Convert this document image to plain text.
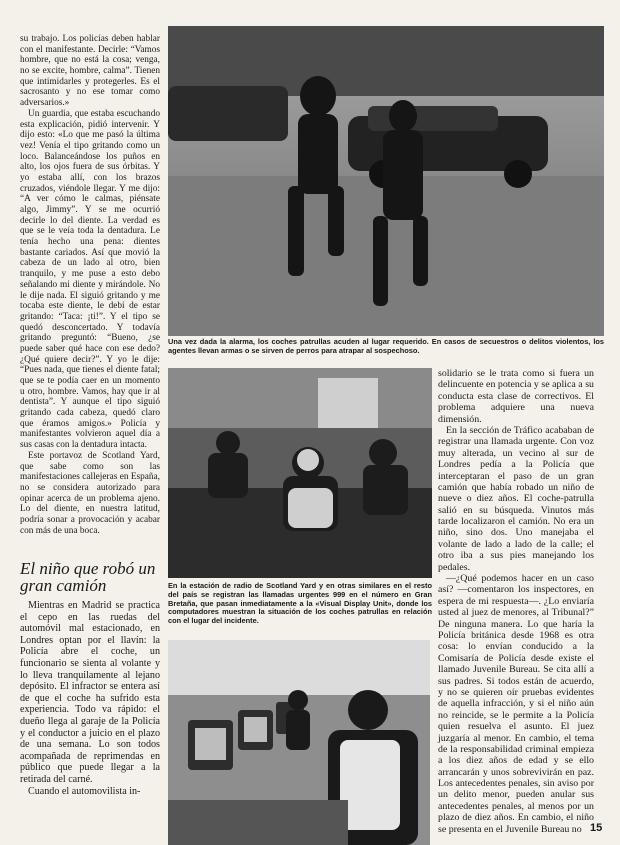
su trabajo. Los policías deben hablar con el manifestante. Decirle: “Vamos hombre, que no está la cosa; venga, no se excite, hombre, calma”. Tienen que intimidarles y protegerles. Es el sacrosanto y no ese tomar como adversarios.»

Un guardia, que estaba escuchando esta explicación, pidió intervenir. Y dijo esto: «Lo que me pasó la última vez! Venía el tipo gritando como un loco. Balanceándose los puños en alto, los ojos fuera de sus órbitas. Y yo estaba allí, con los brazos cruzados, viéndole llegar. Y me dijo: “A ver cómo le calmas, piénsate algo, Jimmy”. Y se me ocurrió decirle lo del diente. La verdad es que se le veía toda la dentadura. Le tenía hecho una pena: dientes bastante cariados. Así que movió la cabeza de un lado al otro, bien tranquilo, y me puse a esto debo señalando mi diente y mirándole. No le dije nada. El siguió gritando y me tocaba este diente, le debí de estar gritando: “Taca: ¡ti!”. Y el tipo se quedó desconcertado. Y todavía gritando preguntó: “Bueno, ¿se puede saber qué hace con ese dedo? ¿Qué quiere decir?”. Y yo le dije: “Pues nada, que tienes el diente fatal; que se te podía caer en un momento u otro, hombre. Vamos, hay que ir al dentista”. Y aunque el tipo siguió gritando cada cabeza, quedó claro que éramos amigos.» Policía y manifestantes volvieron aquel día a sus casas con la dentadura intacta.

Este portavoz de Scotland Yard, que sabe como son las manifestaciones callejeras en España, no se considera autorizado para opinar acerca de un problema ajeno. Lo del diente, en nuestra latitud, podría sonar a provocación y acabar con más de una boca.

El niño que robó un gran camión

Mientras en Madrid se practica el cepo en las ruedas del automóvil mal estacionado, en Londres optan por el llavín: la Policía abre el coche, un funcionario se sienta al volante y lo lleva tranquilamente al lejano depósito. El infractor se entera así de que el coche ha sufrido esta experiencia. Todo va rápido: el dueño llega al garaje de la Policía y el conductor a juicio en el plazo de una semana. Lo son todos acompañada de reprimendas en público que puede llegar a la retirada del carné.

Cuando el automovilista in-

Una vez dada la alarma, los coches patrullas acuden al lugar requerido. En casos de secuestros o delitos violentos, los agentes llevan armas o se sirven de perros para atrapar al sospechoso.
En la estación de radio de Scotland Yard y en otras similares en el resto del país se registran las llamadas urgentes 999 en el número en Gran Bretaña, que pasan inmediatamente a la «Visual Display Unit», donde los computadores muestran la situación de los coches patrullas en relación con el lugar del incidente.

solidario se le trata como si fuera un delincuente en potencia y se aplica a su conducta esta clase de correctivos. El problema adquiere una nueva dimensión.

En la sección de Tráfico acababan de registrar una llamada urgente. Con voz muy alterada, un vecino al sur de Londres pedía a la Policía que interceptaran el paso de un gran camión que había robado un niño de nueve o diez años. El coche-patrulla salió en su búsqueda. Vinutos más tarde localizaron el camión. No era un niño, sino dos. Uno manejaba el volante de lado a lado de la calle; el otro iba a sus pies manejando los pedales.

—¿Qué podemos hacer en un caso así? —comentaron los inspectores, en espera de mi respuesta—. ¿Lo enviaría usted al juez de menores, al Tribunal?” De ninguna manera. Lo que haría la Policía británica desde 1968 es otra cosa: lo envían conducido a la Comisaría de Policía desde existe el llamado Juvenile Bureau. Se cita allí a sus padres. Si todos están de acuerdo, y no se quieren oír pruebas evidentes de aquella infracción, y si el niño aún no reincide, se le permite a la Policía quien resuelva el asunto. El juez juzgaría al menor. En cambio, el tema de la responsabilidad criminal empieza a los diez años de edad y se ello arrancarán y unos sobrevivirán en paz. Los antecedentes penales, sin aviso por un delito menor, pueden anular sus antecedentes penales, al menos por un plazo de diez años. En cambio, el niño se presenta en el Juvenile Bureau no 15
